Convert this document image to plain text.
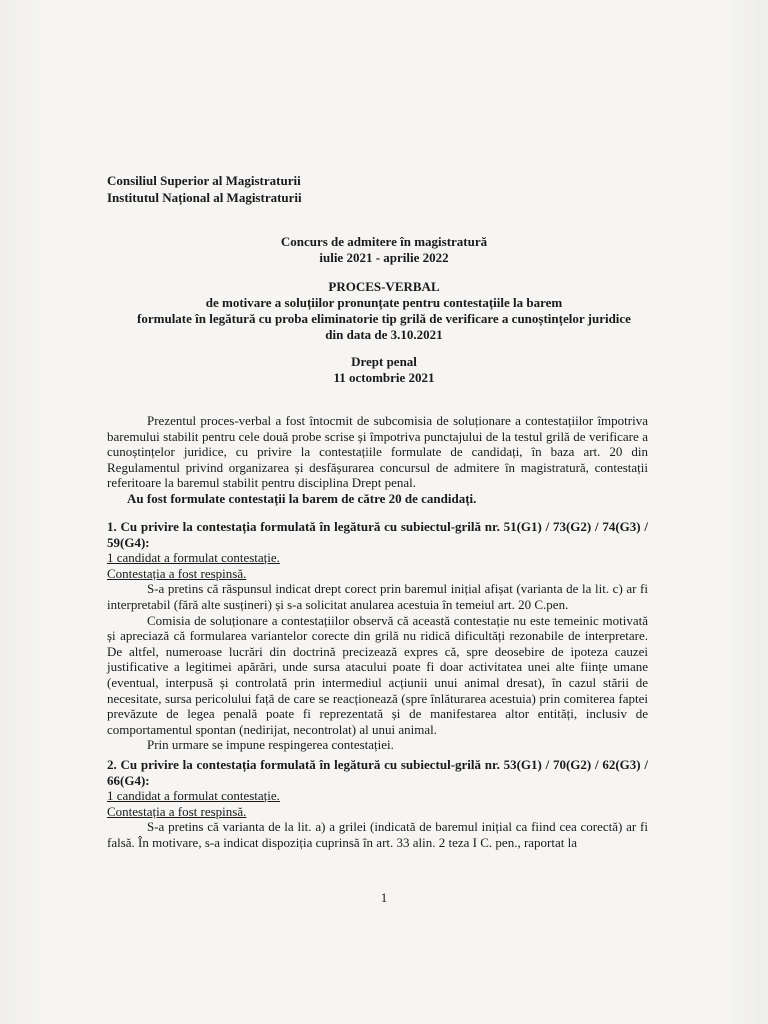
Consiliul Superior al Magistraturii
Institutul Național al Magistraturii
Concurs de admitere în magistratură
iulie 2021 - aprilie 2022
PROCES-VERBAL
de motivare a soluțiilor pronunțate pentru contestațiile la barem
formulate în legătură cu proba eliminatorie tip grilă de verificare a cunoștințelor juridice
din data de 3.10.2021
Drept penal
11 octombrie 2021

Prezentul proces-verbal a fost întocmit de subcomisia de soluționare a contestațiilor împotriva baremului stabilit pentru cele două probe scrise și împotriva punctajului de la testul grilă de verificare a cunoștințelor juridice, cu privire la contestațiile formulate de candidați, în baza art. 20 din Regulamentul privind organizarea și desfășurarea concursul de admitere în magistratură, contestații referitoare la baremul stabilit pentru disciplina Drept penal.

Au fost formulate contestații la barem de către 20 de candidați.

1. Cu privire la contestația formulată în legătură cu subiectul-grilă nr. 51(G1) / 73(G2) / 74(G3) / 59(G4):

1 candidat a formulat contestație.

Contestația a fost respinsă.

S-a pretins că răspunsul indicat drept corect prin baremul inițial afișat (varianta de la lit. c) ar fi interpretabil (fără alte susțineri) și s-a solicitat anularea acestuia în temeiul art. 20 C.pen.

Comisia de soluționare a contestațiilor observă că această contestație nu este temeinic motivată și apreciază că formularea variantelor corecte din grilă nu ridică dificultăți rezonabile de interpretare. De altfel, numeroase lucrări din doctrină precizează expres că, spre deosebire de ipoteza cauzei justificative a legitimei apărări, unde sursa atacului poate fi doar activitatea unei alte ființe umane (eventual, interpusă și controlată prin intermediul acțiunii unui animal dresat), în cazul stării de necesitate, sursa pericolului față de care se reacționează (spre înlăturarea acestuia) prin comiterea faptei prevăzute de legea penală poate fi reprezentată și de manifestarea altor entități, inclusiv de comportamentul spontan (nedirijat, necontrolat) al unui animal.

Prin urmare se impune respingerea contestației.

2. Cu privire la contestația formulată în legătură cu subiectul-grilă nr. 53(G1) / 70(G2) / 62(G3) / 66(G4):

1 candidat a formulat contestație.

Contestația a fost respinsă.

S-a pretins că varianta de la lit. a) a grilei (indicată de baremul inițial ca fiind cea corectă) ar fi falsă. În motivare, s-a indicat dispoziția cuprinsă în art. 33 alin. 2 teza I C. pen., raportat la

1
